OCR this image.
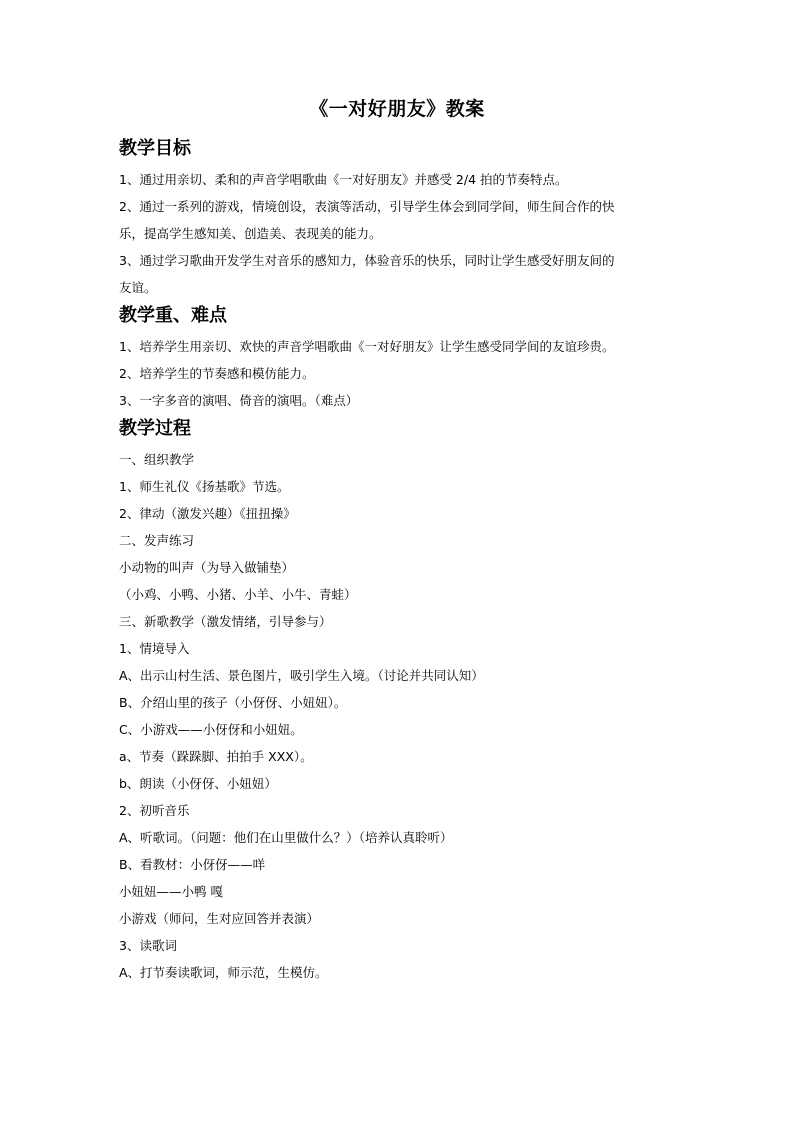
《一对好朋友》教案
教学目标
1、通过用亲切、柔和的声音学唱歌曲《一对好朋友》并感受 2/4 拍的节奏特点。
2、通过一系列的游戏，情境创设，表演等活动，引导学生体会到同学间，师生间合作的快
乐，提高学生感知美、创造美、表现美的能力。
3、通过学习歌曲开发学生对音乐的感知力，体验音乐的快乐，同时让学生感受好朋友间的
友谊。
教学重、难点
1、培养学生用亲切、欢快的声音学唱歌曲《一对好朋友》让学生感受同学间的友谊珍贵。
2、培养学生的节奏感和模仿能力。
3、一字多音的演唱、倚音的演唱。（难点）
教学过程
一、组织教学
1、师生礼仪《扬基歌》节选。
2、律动（激发兴趣）《扭扭操》
二、发声练习
小动物的叫声（为导入做铺垫）
（小鸡、小鸭、小猪、小羊、小牛、青蛙）
三、新歌教学（激发情绪，引导参与）
1、情境导入
A、出示山村生活、景色图片，吸引学生入境。（讨论并共同认知）
B、介绍山里的孩子（小伢伢、小妞妞）。
C、小游戏——小伢伢和小妞妞。
a、节奏（跺跺脚、拍拍手 XXX）。
b、朗读（小伢伢、小妞妞）
2、初听音乐
A、听歌词。（问题：他们在山里做什么？）（培养认真聆听）
B、看教材：小伢伢——咩
小妞妞——小鸭 嘎
小游戏（师问，生对应回答并表演）
3、读歌词
A、打节奏读歌词，师示范，生模仿。
